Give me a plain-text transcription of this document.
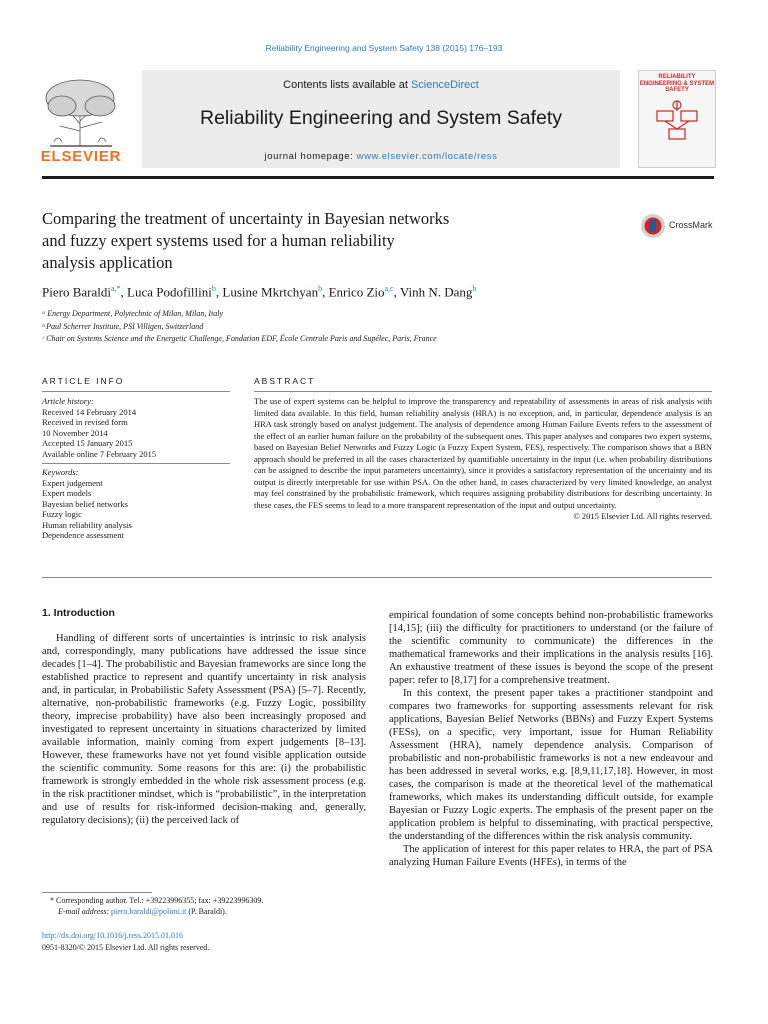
Reliability Engineering and System Safety 138 (2015) 176–193
ELSEVIER
Contents lists available at ScienceDirect
Reliability Engineering and System Safety
journal homepage: www.elsevier.com/locate/ress
RELIABILITY ENGINEERING & SYSTEM SAFETY
Comparing the treatment of uncertainty in Bayesian networks
and fuzzy expert systems used for a human reliability
analysis application
CrossMark
Piero Baraldi$^{a,*}$, Luca Podofillini$^b$, Lusine Mkrtchyan$^b$, Enrico Zio$^{a,c}$, Vinh N. Dang$^b$
ᵃ Energy Department, Polytechnic of Milan, Milan, Italy
ᵇ Paul Scherrer Institute, PSI Villigen, Switzerland
ᶜ Chair on Systems Science and the Energetic Challenge, Fondation EDF, École Centrale Paris and Supélec, Paris, France
ARTICLE INFO	ABSTRACT
Article history:
Received 14 February 2014
Received in revised form
10 November 2014
Accepted 15 January 2015
Available online 7 February 2015
Keywords:
Expert judgement
Expert models
Bayesian belief networks
Fuzzy logic
Human reliability analysis
Dependence assessment
The use of expert systems can be helpful to improve the transparency and repeatability of assessments in areas of risk analysis with limited data available. In this field, human reliability analysis (HRA) is no exception, and, in particular, dependence analysis is an HRA task strongly based on analyst judgement. The analysis of dependence among Human Failure Events refers to the assessment of the effect of an earlier human failure on the probability of the subsequent ones. This paper analyses and compares two expert systems, based on Bayesian Belief Networks and Fuzzy Logic (a Fuzzy Expert System, FES), respectively. The comparison shows that a BBN approach should be preferred in all the cases characterized by quantifiable uncertainty in the input (i.e. when probability distributions can be assigned to describe the input parameters uncertainty), since it provides a satisfactory representation of the uncertainty and its output is directly interpretable for use within PSA. On the other hand, in cases characterized by very limited knowledge, an analyst may feel constrained by the probabilistic framework, which requires assigning probability distributions for describing uncertainty. In these cases, the FES seems to lead to a more transparent representation of the input and output uncertainty.
© 2015 Elsevier Ltd. All rights reserved.
1. Introduction

Handling of different sorts of uncertainties is intrinsic to risk analysis and, correspondingly, many publications have addressed the issue since decades [1–4]. The probabilistic and Bayesian frameworks are since long the established practice to represent and quantify uncertainty in risk analysis and, in particular, in Probabilistic Safety Assessment (PSA) [5–7]. Recently, alternative, non-probabilistic frameworks (e.g. Fuzzy Logic, possibility theory, imprecise probability) have also been increasingly proposed and investigated to represent uncertainty in situations characterized by limited available information, mainly coming from expert judgements [8–13]. However, these frameworks have not yet found visible application outside the scientific community. Some reasons for this are: (i) the probabilistic framework is strongly embedded in the whole risk assessment process (e.g. in the risk practitioner mindset, which is “probabilistic”, in the interpretation and use of results for risk-informed decision-making and, generally, regulatory decisions); (ii) the perceived lack of

empirical foundation of some concepts behind non-probabilistic frameworks [14,15]; (iii) the difficulty for practitioners to understand (or the failure of the scientific community to communicate) the differences in the mathematical frameworks and their implications in the analysis results [16]. An exhaustive treatment of these issues is beyond the scope of the present paper: refer to [8,17] for a comprehensive treatment.

In this context, the present paper takes a practitioner standpoint and compares two frameworks for supporting assessments relevant for risk applications, Bayesian Belief Networks (BBNs) and Fuzzy Expert Systems (FESs), on a specific, very important, issue for Human Reliability Assessment (HRA), namely dependence analysis. Comparison of probabilistic and non-probabilistic frameworks is not a new endeavour and has been addressed in several works, e.g. [8,9,11,17,18]. However, in most cases, the comparison is made at the theoretical level of the mathematical frameworks, which makes its understanding difficult outside, for example Bayesian or Fuzzy Logic experts. The emphasis of the present paper on the application problem is helpful to disseminating, with practical perspective, the understanding of the differences within the risk analysis community.

The application of interest for this paper relates to HRA, the part of PSA analyzing Human Failure Events (HFEs), in terms of the

* Corresponding author. Tel.: +39223996355; fax: +39223996309.
E-mail address: piero.baraldi@polimi.it (P. Baraldi).
http://dx.doi.org/10.1016/j.ress.2015.01.016
0951-8320/© 2015 Elsevier Ltd. All rights reserved.
